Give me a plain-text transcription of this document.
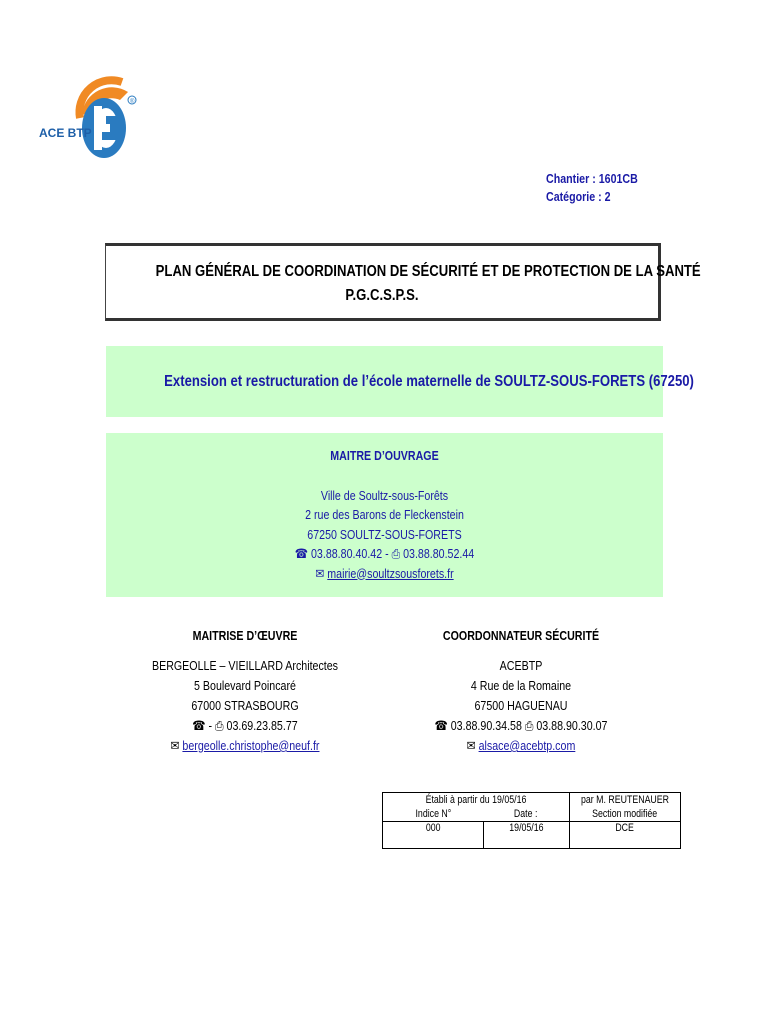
ACE BTP
®
Chantier : 1601CB
Catégorie : 2
PLAN GÉNÉRAL DE COORDINATION DE SÉCURITÉ ET DE PROTECTION DE LA SANTÉ
P.G.C.S.P.S.
Extension et restructuration de l’école maternelle de SOULTZ-SOUS-FORETS (67250)
MAITRE D’OUVRAGE
Ville de Soultz-sous-Forêts
2 rue des Barons de Fleckenstein
67250 SOULTZ-SOUS-FORETS
☎ 03.88.80.40.42 - ⎙ 03.88.80.52.44
✉ mairie@soultzsousforets.fr
MAITRISE D’ŒUVRE
BERGEOLLE – VIEILLARD Architectes
5 Boulevard Poincaré
67000 STRASBOURG
☎ - ⎙ 03.69.23.85.77
✉ bergeolle.christophe@neuf.fr
COORDONNATEUR SÉCURITÉ
ACEBTP
4 Rue de la Romaine
67500 HAGUENAU
☎ 03.88.90.34.58 ⎙ 03.88.90.30.07
✉ alsace@acebtp.com
Établi à partir du 19/05/16		par M. REUTENAUER
Indice N°	Date :	Section modifiée
000	19/05/16	DCE
